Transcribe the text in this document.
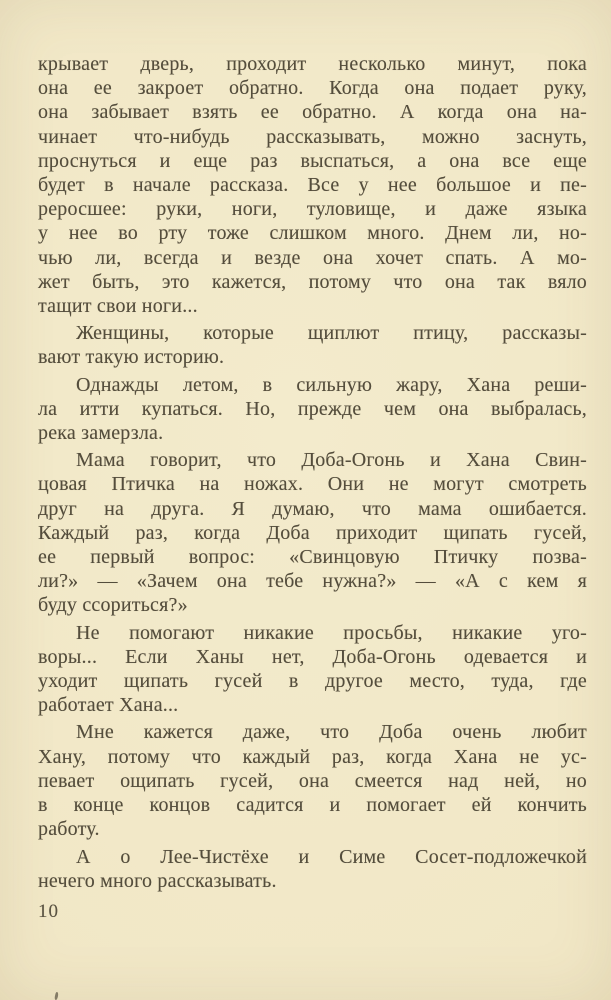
крывает дверь, проходит несколько минут, пока
она ее закроет обратно. Когда она подает руку,
она забывает взять ее обратно. А когда она на-
чинает что-нибудь рассказывать, можно заснуть,
проснуться и еще раз выспаться, а она все еще
будет в начале рассказа. Все у нее большое и пе-
реросшее: руки, ноги, туловище, и даже языка
у нее во рту тоже слишком много. Днем ли, но-
чью ли, всегда и везде она хочет спать. А мо-
жет быть, это кажется, потому что она так вяло
тащит свои ноги...
Женщины, которые щиплют птицу, рассказы-
вают такую историю.
Однажды летом, в сильную жару, Хана реши-
ла итти купаться. Но, прежде чем она выбралась,
река замерзла.
Мама говорит, что Доба-Огонь и Хана Свин-
цовая Птичка на ножах. Они не могут смотреть
друг на друга. Я думаю, что мама ошибается.
Каждый раз, когда Доба приходит щипать гусей,
ее первый вопрос: «Свинцовую Птичку позва-
ли?» — «Зачем она тебе нужна?» — «А с кем я
буду ссориться?»
Не помогают никакие просьбы, никакие уго-
воры... Если Ханы нет, Доба-Огонь одевается и
уходит щипать гусей в другое место, туда, где
работает Хана...
Мне кажется даже, что Доба очень любит
Хану, потому что каждый раз, когда Хана не ус-
певает ощипать гусей, она смеется над ней, но
в конце концов садится и помогает ей кончить
работу.
А о Лее-Чистёхе и Симе Сосет-подложечкой
нечего много рассказывать.
10
